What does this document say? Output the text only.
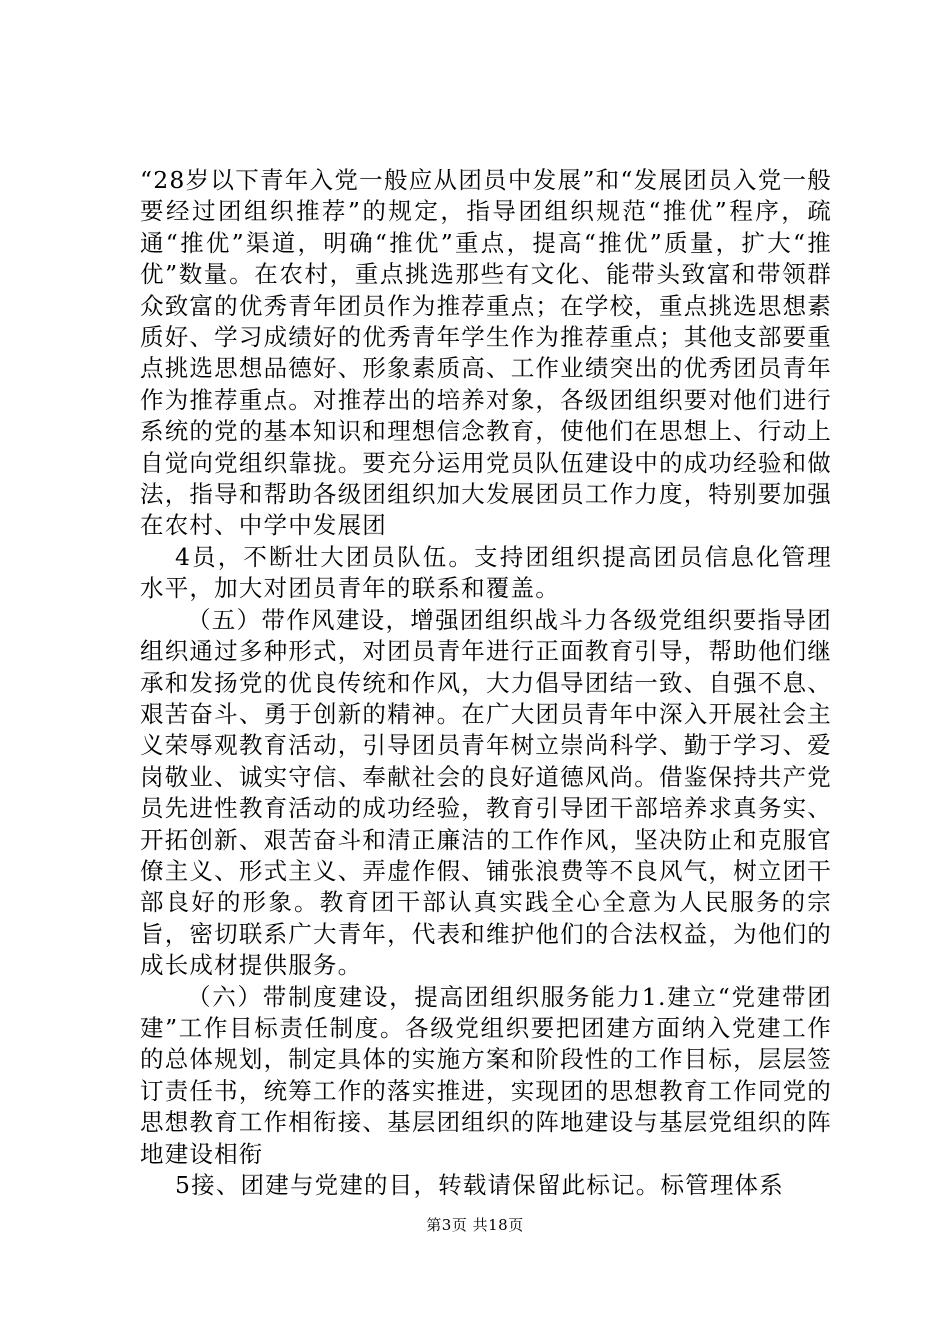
“28岁以下青年入党一般应从团员中发展”和“发展团员入党一般要经过团组织推荐”的规定，指导团组织规范“推优”程序，疏通“推优”渠道，明确“推优”重点，提高“推优”质量，扩大“推优”数量。在农村，重点挑选那些有文化、能带头致富和带领群众致富的优秀青年团员作为推荐重点；在学校，重点挑选思想素质好、学习成绩好的优秀青年学生作为推荐重点；其他支部要重点挑选思想品德好、形象素质高、工作业绩突出的优秀团员青年作为推荐重点。对推荐出的培养对象，各级团组织要对他们进行系统的党的基本知识和理想信念教育，使他们在思想上、行动上自觉向党组织靠拢。要充分运用党员队伍建设中的成功经验和做法，指导和帮助各级团组织加大发展团员工作力度，特别要加强在农村、中学中发展团

4员，不断壮大团员队伍。支持团组织提高团员信息化管理水平，加大对团员青年的联系和覆盖。

（五）带作风建设，增强团组织战斗力各级党组织要指导团组织通过多种形式，对团员青年进行正面教育引导，帮助他们继承和发扬党的优良传统和作风，大力倡导团结一致、自强不息、艰苦奋斗、勇于创新的精神。在广大团员青年中深入开展社会主义荣辱观教育活动，引导团员青年树立崇尚科学、勤于学习、爱岗敬业、诚实守信、奉献社会的良好道德风尚。借鉴保持共产党员先进性教育活动的成功经验，教育引导团干部培养求真务实、开拓创新、艰苦奋斗和清正廉洁的工作作风，坚决防止和克服官僚主义、形式主义、弄虚作假、铺张浪费等不良风气，树立团干部良好的形象。教育团干部认真实践全心全意为人民服务的宗旨，密切联系广大青年，代表和维护他们的合法权益，为他们的成长成材提供服务。

（六）带制度建设，提高团组织服务能力1.建立“党建带团建”工作目标责任制度。各级党组织要把团建方面纳入党建工作的总体规划，制定具体的实施方案和阶段性的工作目标，层层签订责任书，统筹工作的落实推进，实现团的思想教育工作同党的思想教育工作相衔接、基层团组织的阵地建设与基层党组织的阵地建设相衔

5接、团建与党建的目，转载请保留此标记。标管理体系

第3页 共18页
